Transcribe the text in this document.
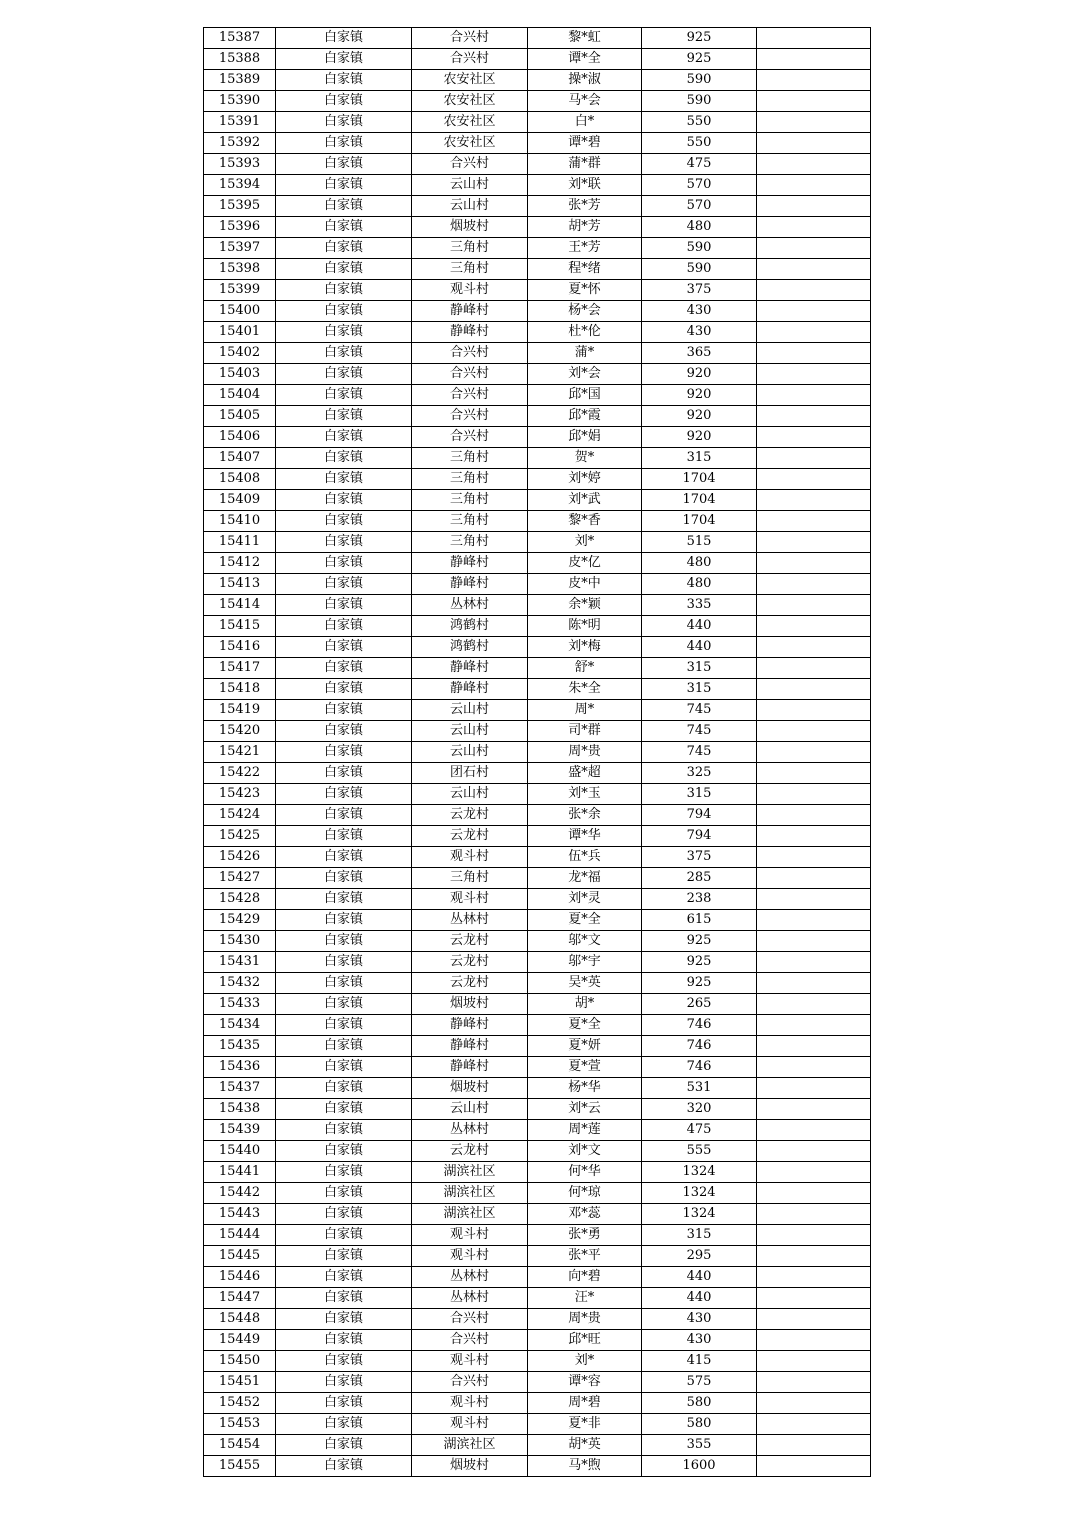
15387	白家镇	合兴村	黎*虹	925	
15388	白家镇	合兴村	谭*全	925	
15389	白家镇	农安社区	操*淑	590	
15390	白家镇	农安社区	马*会	590	
15391	白家镇	农安社区	白*	550	
15392	白家镇	农安社区	谭*碧	550	
15393	白家镇	合兴村	蒲*群	475	
15394	白家镇	云山村	刘*联	570	
15395	白家镇	云山村	张*芳	570	
15396	白家镇	烟坡村	胡*芳	480	
15397	白家镇	三角村	王*芳	590	
15398	白家镇	三角村	程*绪	590	
15399	白家镇	观斗村	夏*怀	375	
15400	白家镇	静峰村	杨*会	430	
15401	白家镇	静峰村	杜*伦	430	
15402	白家镇	合兴村	蒲*	365	
15403	白家镇	合兴村	刘*会	920	
15404	白家镇	合兴村	邱*国	920	
15405	白家镇	合兴村	邱*霞	920	
15406	白家镇	合兴村	邱*娟	920	
15407	白家镇	三角村	贺*	315	
15408	白家镇	三角村	刘*婷	1704	
15409	白家镇	三角村	刘*武	1704	
15410	白家镇	三角村	黎*香	1704	
15411	白家镇	三角村	刘*	515	
15412	白家镇	静峰村	皮*亿	480	
15413	白家镇	静峰村	皮*中	480	
15414	白家镇	丛林村	余*颖	335	
15415	白家镇	鸿鹤村	陈*明	440	
15416	白家镇	鸿鹤村	刘*梅	440	
15417	白家镇	静峰村	舒*	315	
15418	白家镇	静峰村	朱*全	315	
15419	白家镇	云山村	周*	745	
15420	白家镇	云山村	司*群	745	
15421	白家镇	云山村	周*贵	745	
15422	白家镇	团石村	盛*超	325	
15423	白家镇	云山村	刘*玉	315	
15424	白家镇	云龙村	张*余	794	
15425	白家镇	云龙村	谭*华	794	
15426	白家镇	观斗村	伍*兵	375	
15427	白家镇	三角村	龙*福	285	
15428	白家镇	观斗村	刘*灵	238	
15429	白家镇	丛林村	夏*全	615	
15430	白家镇	云龙村	邬*文	925	
15431	白家镇	云龙村	邬*宇	925	
15432	白家镇	云龙村	吴*英	925	
15433	白家镇	烟坡村	胡*	265	
15434	白家镇	静峰村	夏*全	746	
15435	白家镇	静峰村	夏*妍	746	
15436	白家镇	静峰村	夏*萱	746	
15437	白家镇	烟坡村	杨*华	531	
15438	白家镇	云山村	刘*云	320	
15439	白家镇	丛林村	周*莲	475	
15440	白家镇	云龙村	刘*文	555	
15441	白家镇	湖滨社区	何*华	1324	
15442	白家镇	湖滨社区	何*琼	1324	
15443	白家镇	湖滨社区	邓*蕊	1324	
15444	白家镇	观斗村	张*勇	315	
15445	白家镇	观斗村	张*平	295	
15446	白家镇	丛林村	向*碧	440	
15447	白家镇	丛林村	汪*	440	
15448	白家镇	合兴村	周*贵	430	
15449	白家镇	合兴村	邱*旺	430	
15450	白家镇	观斗村	刘*	415	
15451	白家镇	合兴村	谭*容	575	
15452	白家镇	观斗村	周*碧	580	
15453	白家镇	观斗村	夏*非	580	
15454	白家镇	湖滨社区	胡*英	355	
15455	白家镇	烟坡村	马*煦	1600	
